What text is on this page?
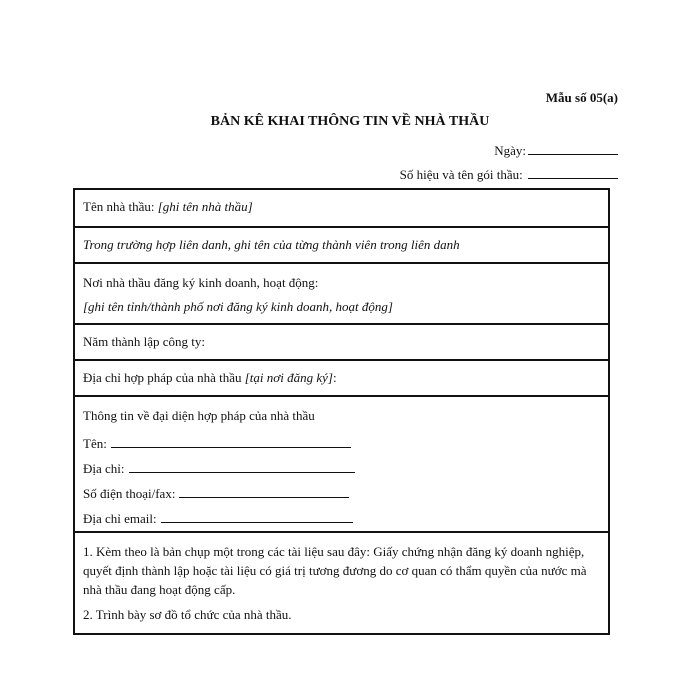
Mẫu số 05(a)
BẢN KÊ KHAI THÔNG TIN VỀ NHÀ THẦU
Ngày:
Số hiệu và tên gói thầu:
Tên nhà thầu: [ghi tên nhà thầu]
Trong trường hợp liên danh, ghi tên của từng thành viên trong liên danh

Nơi nhà thầu đăng ký kinh doanh, hoạt động:

[ghi tên tỉnh/thành phố nơi đăng ký kinh doanh, hoạt động]

Năm thành lập công ty:
Địa chỉ hợp pháp của nhà thầu [tại nơi đăng ký]:

Thông tin về đại diện hợp pháp của nhà thầu

Tên:
Địa chỉ:
Số điện thoại/fax:
Địa chỉ email:

1. Kèm theo là bản chụp một trong các tài liệu sau đây: Giấy chứng nhận đăng ký doanh nghiệp, quyết định thành lập hoặc tài liệu có giá trị tương đương do cơ quan có thẩm quyền của nước mà nhà thầu đang hoạt động cấp.

2. Trình bày sơ đồ tổ chức của nhà thầu.
